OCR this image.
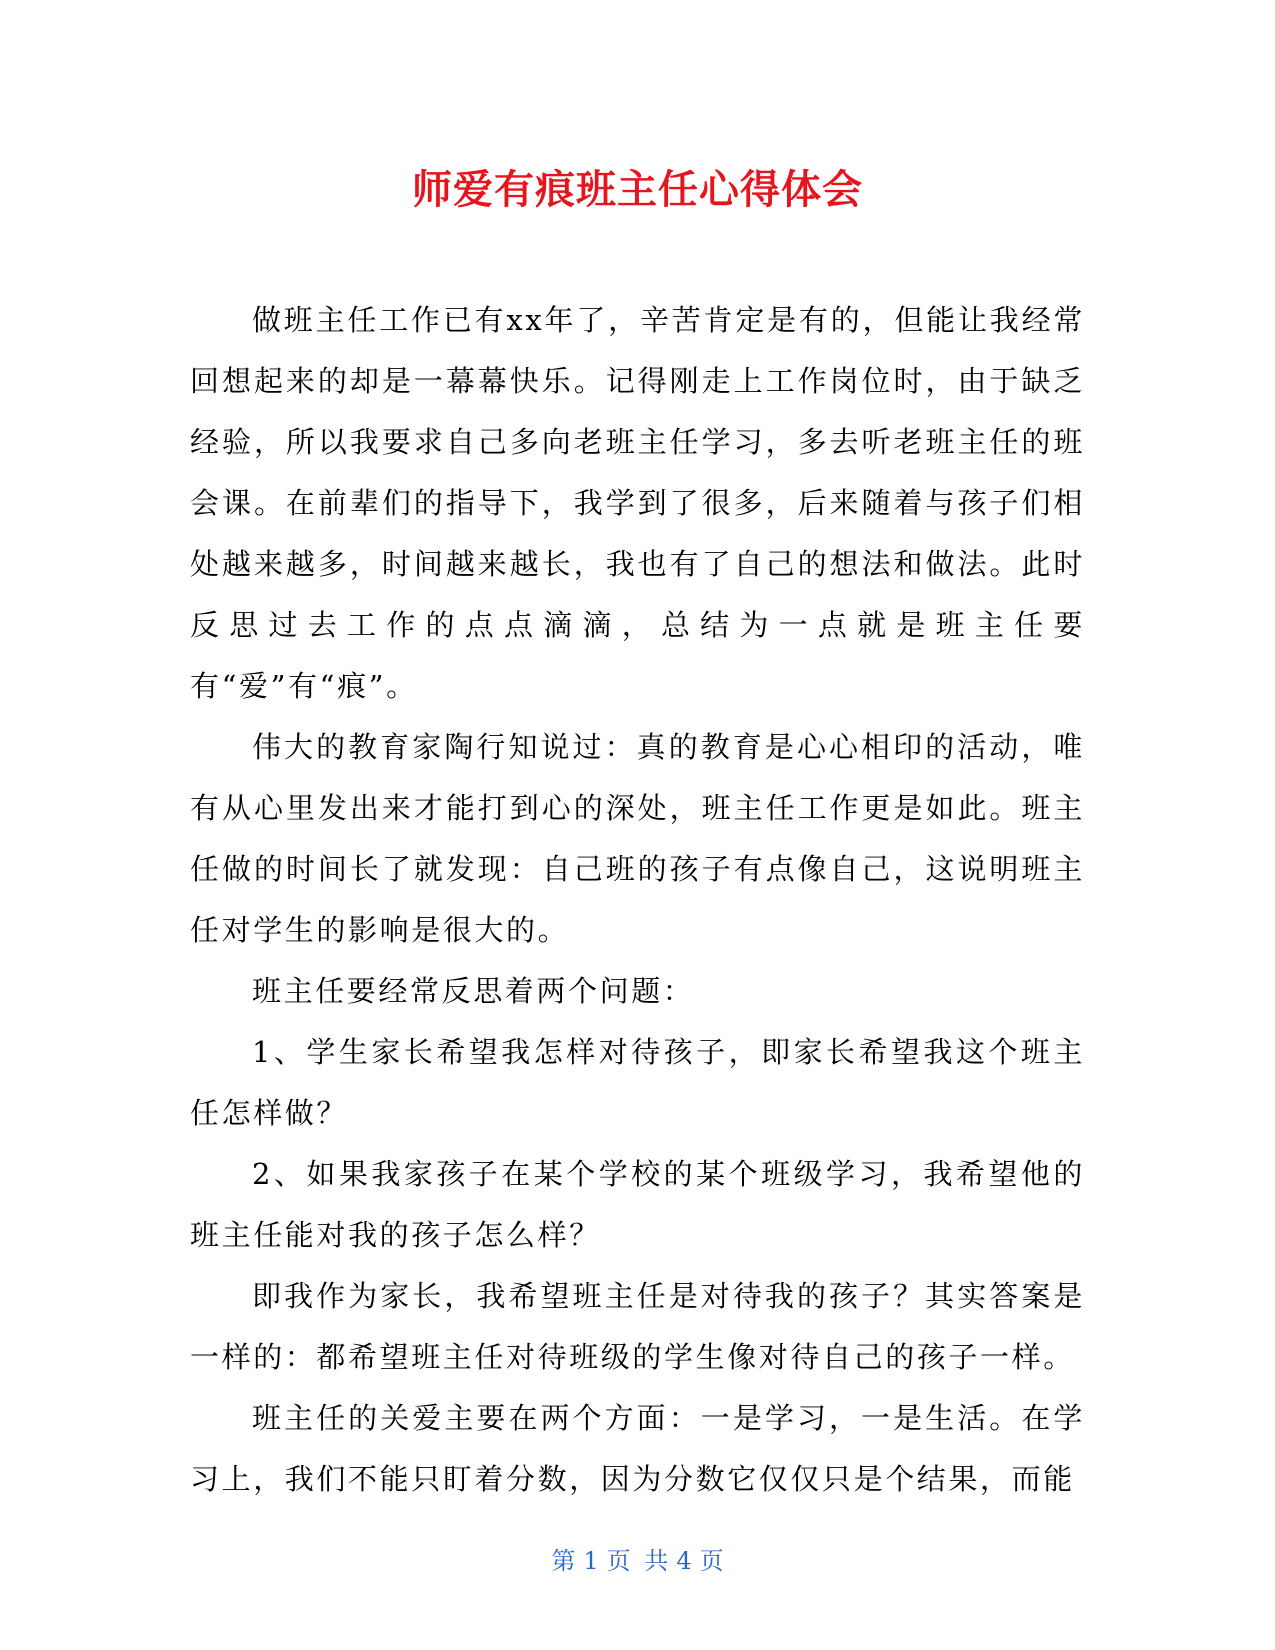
师爱有痕班主任心得体会

做班主任工作已有xx年了，辛苦肯定是有的，但能让我经常回想起来的却是一幕幕快乐。记得刚走上工作岗位时，由于缺乏经验，所以我要求自己多向老班主任学习，多去听老班主任的班会课。在前辈们的指导下，我学到了很多，后来随着与孩子们相处越来越多，时间越来越长，我也有了自己的想法和做法。此时反思过去工作的点点滴滴，总结为一点就是班主任要有“爱”有“痕”。

伟大的教育家陶行知说过：真的教育是心心相印的活动，唯有从心里发出来才能打到心的深处，班主任工作更是如此。班主任做的时间长了就发现：自己班的孩子有点像自己，这说明班主任对学生的影响是很大的。

班主任要经常反思着两个问题：

1、学生家长希望我怎样对待孩子，即家长希望我这个班主任怎样做？

2、如果我家孩子在某个学校的某个班级学习，我希望他的班主任能对我的孩子怎么样？

即我作为家长，我希望班主任是对待我的孩子？其实答案是一样的：都希望班主任对待班级的学生像对待自己的孩子一样。

班主任的关爱主要在两个方面：一是学习，一是生活。在学习上，我们不能只盯着分数，因为分数它仅仅只是个结果，而能

第 1 页 共 4 页
